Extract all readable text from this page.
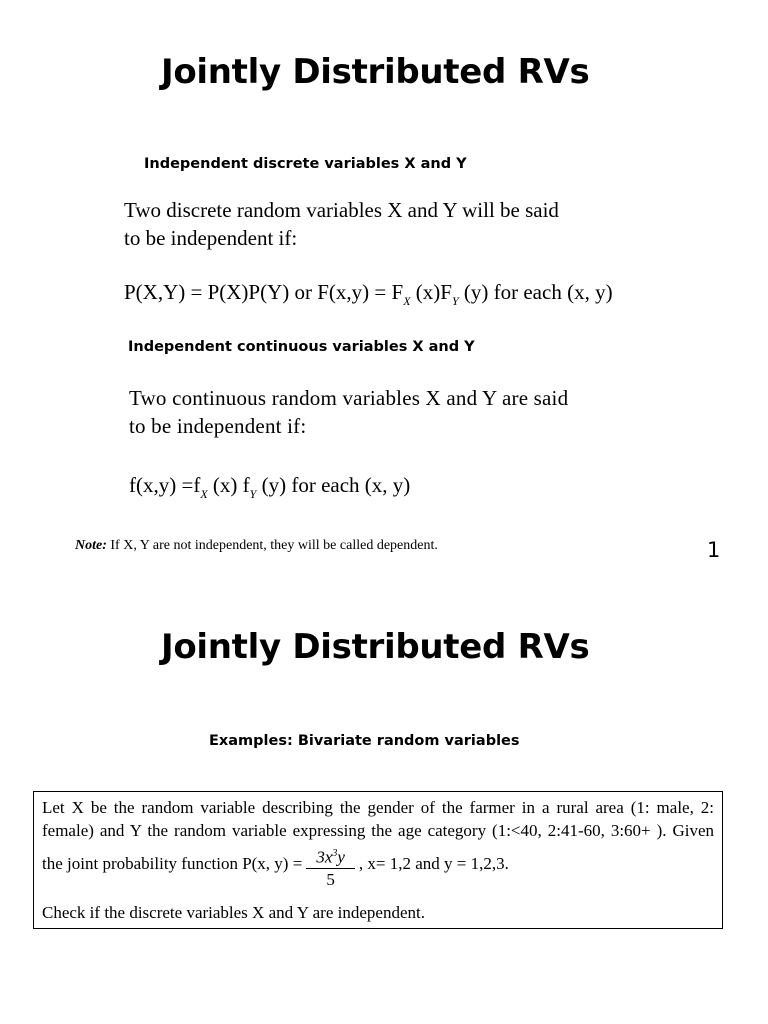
Jointly Distributed RVs
Independent discrete variables X and Y
Two discrete random variables X and Y will be said
to be independent if:
P(X,Y) = P(X)P(Y) or $F(x,y) = F_X$ $(x)F_Y$ (y) for each (x, y)
Independent continuous variables X and Y
Two continuous random variables X and Y are said
to be independent if:
$f(x,y) =f_X$ (x) $f_Y$ (y) for each (x, y)
Note: If X, Y are not independent, they will be called dependent.	1
Jointly Distributed RVs
Examples: Bivariate random variables

Let X be the random variable describing the gender of the farmer in a rural area (1: male, 2: female) and Y the random variable expressing the age category (1:<40, 2:41-60, 3:60+ ). Given the joint probability function P(x, $y) = \frac{3x^3y}{5}$ , x= 1,2 and y = 1,2,3.

Check if the discrete variables X and Y are independent.
